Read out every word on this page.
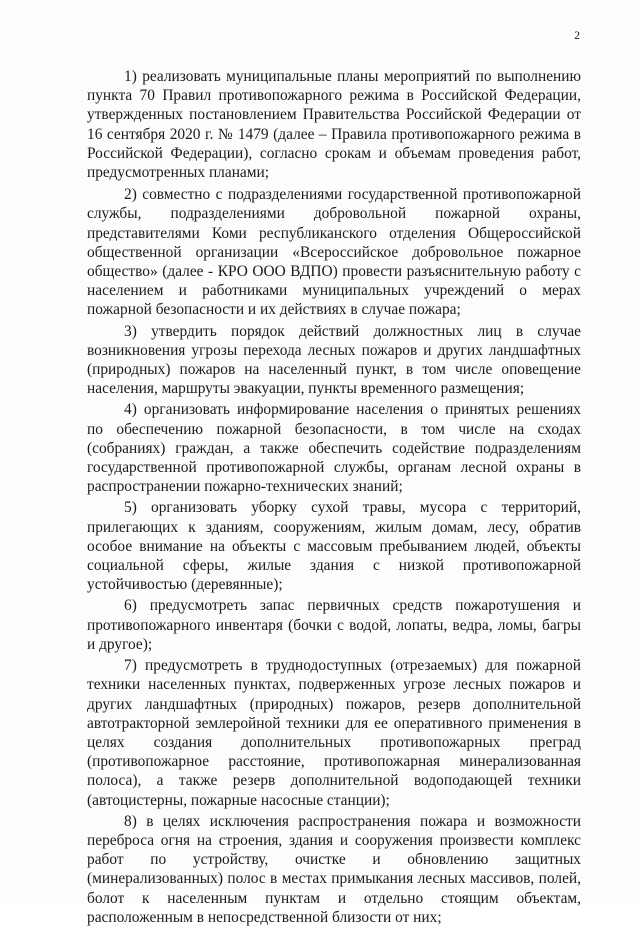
2

1) реализовать муниципальные планы мероприятий по выполнению пункта 70 Правил противопожарного режима в Российской Федерации, утвержденных постановлением Правительства Российской Федерации от 16 сентября 2020 г. № 1479 (далее – Правила противопожарного режима в Российской Федерации), согласно срокам и объемам проведения работ, предусмотренных планами;

2) совместно с подразделениями государственной противопожарной службы, подразделениями добровольной пожарной охраны, представителями Коми республиканского отделения Общероссийской общественной организации «Всероссийское добровольное пожарное общество» (далее - КРО ООО ВДПО) провести разъяснительную работу с населением и работниками муниципальных учреждений о мерах пожарной безопасности и их действиях в случае пожара;

3) утвердить порядок действий должностных лиц в случае возникновения угрозы перехода лесных пожаров и других ландшафтных (природных) пожаров на населенный пункт, в том числе оповещение населения, маршруты эвакуации, пункты временного размещения;

4) организовать информирование населения о принятых решениях по обеспечению пожарной безопасности, в том числе на сходах (собраниях) граждан, а также обеспечить содействие подразделениям государственной противопожарной службы, органам лесной охраны в распространении пожарно-технических знаний;

5) организовать уборку сухой травы, мусора с территорий, прилегающих к зданиям, сооружениям, жилым домам, лесу, обратив особое внимание на объекты с массовым пребыванием людей, объекты социальной сферы, жилые здания с низкой противопожарной устойчивостью (деревянные);

6) предусмотреть запас первичных средств пожаротушения и противопожарного инвентаря (бочки с водой, лопаты, ведра, ломы, багры и другое);

7) предусмотреть в труднодоступных (отрезаемых) для пожарной техники населенных пунктах, подверженных угрозе лесных пожаров и других ландшафтных (природных) пожаров, резерв дополнительной автотракторной землеройной техники для ее оперативного применения в целях создания дополнительных противопожарных преград (противопожарное расстояние, противопожарная минерализованная полоса), а также резерв дополнительной водоподающей техники (автоцистерны, пожарные насосные станции);

8) в целях исключения распространения пожара и возможности переброса огня на строения, здания и сооружения произвести комплекс работ по устройству, очистке и обновлению защитных (минерализованных) полос в местах примыкания лесных массивов, полей, болот к населенным пунктам и отдельно стоящим объектам, расположенным в непосредственной близости от них;
